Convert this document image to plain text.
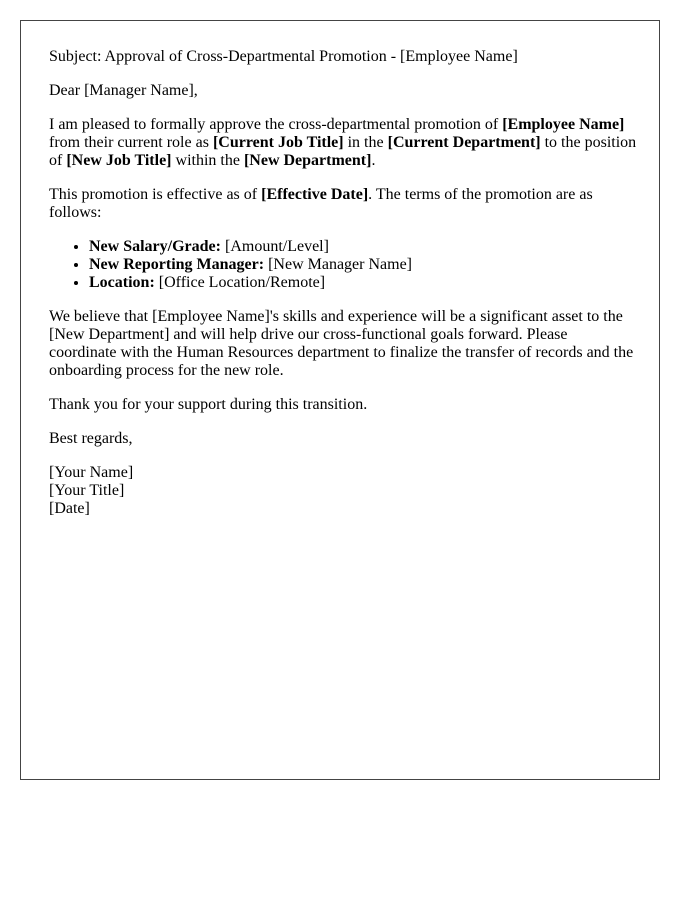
Subject: Approval of Cross-Departmental Promotion - [Employee Name]

Dear [Manager Name],

I am pleased to formally approve the cross-departmental promotion of [Employee Name] from their current role as [Current Job Title] in the [Current Department] to the position of [New Job Title] within the [New Department].

This promotion is effective as of [Effective Date]. The terms of the promotion are as follows:

• New Salary/Grade: [Amount/Level]
• New Reporting Manager: [New Manager Name]
• Location: [Office Location/Remote]

We believe that [Employee Name]'s skills and experience will be a significant asset to the [New Department] and will help drive our cross-functional goals forward. Please coordinate with the Human Resources department to finalize the transfer of records and the onboarding process for the new role.

Thank you for your support during this transition.

Best regards,

[Your Name]
[Your Title]
[Date]
